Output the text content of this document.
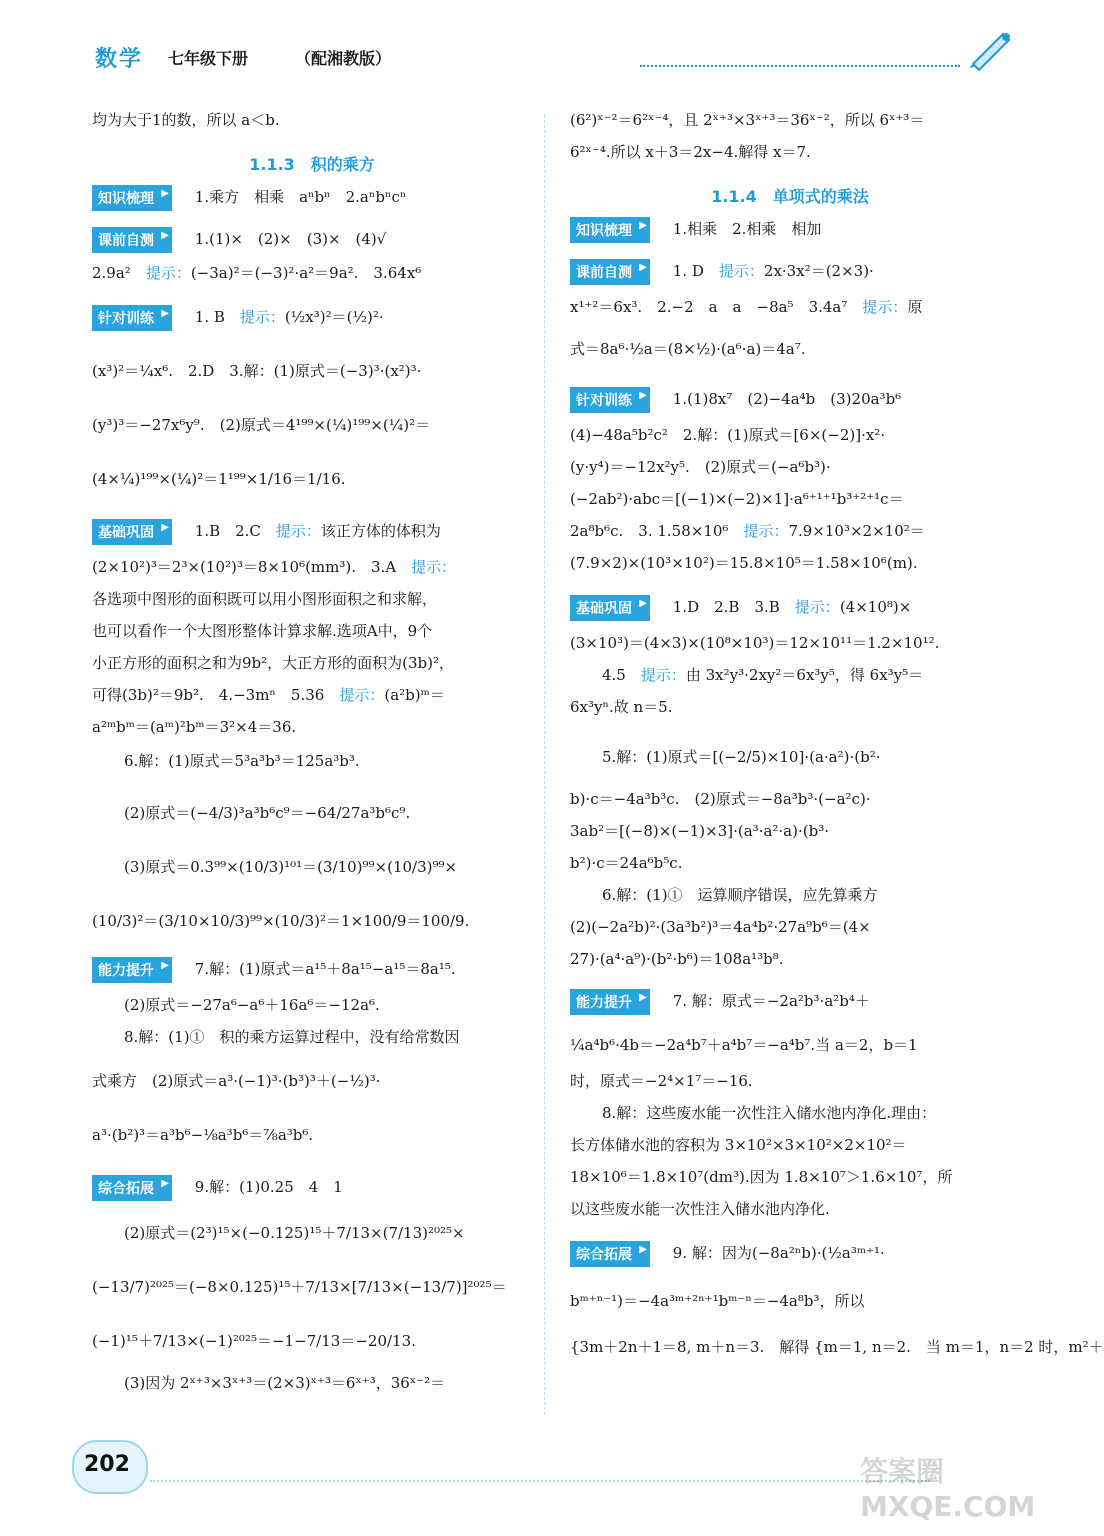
数学 七年级下册	（配湘教版）
均为大于1的数，所以 a＜b.
1.1.3　积的乘方
知识梳理 ▶	1.乘方　相乘　aⁿbⁿ　2.aⁿbⁿcⁿ
课前自测 ▶	1.(1)×　(2)×　(3)×　(4)√
2.9a²　提示：(−3a)²＝(−3)²·a²＝9a².　3.64x⁶
针对训练 ▶	1. B　提示：(½x³)²＝(½)²·
(x³)²＝¼x⁶.　2.D　3.解：(1)原式＝(−3)³·(x²)³·
(y³)³＝−27x⁶y⁹.　(2)原式＝4¹⁹⁹×(¼)¹⁹⁹×(¼)²＝
(4×¼)¹⁹⁹×(¼)²＝1¹⁹⁹×1/16＝1/16.
基础巩固 ▶	1.B　2.C　提示：该正方体的体积为
(2×10²)³＝2³×(10²)³＝8×10⁶(mm³).　3.A　提示：
各选项中图形的面积既可以用小图形面积之和求解，
也可以看作一个大图形整体计算求解.选项A中，9个
小正方形的面积之和为9b²，大正方形的面积为(3b)²，
可得(3b)²＝9b².　4.−3mⁿ　5.36　提示：(a²b)ᵐ＝
a²ᵐbᵐ＝(aᵐ)²bᵐ＝3²×4＝36.
6.解：(1)原式＝5³a³b³＝125a³b³.
(2)原式＝(−4/3)³a³b⁶c⁹＝−64/27a³b⁶c⁹.
(3)原式＝0.3⁹⁹×(10/3)¹⁰¹＝(3/10)⁹⁹×(10/3)⁹⁹×
(10/3)²＝(3/10×10/3)⁹⁹×(10/3)²＝1×100/9＝100/9.
能力提升 ▶	7.解：(1)原式＝a¹⁵＋8a¹⁵−a¹⁵＝8a¹⁵.
(2)原式＝−27a⁶−a⁶＋16a⁶＝−12a⁶.
8.解：(1)①　积的乘方运算过程中，没有给常数因
式乘方　(2)原式＝a³·(−1)³·(b³)³＋(−½)³·
a³·(b²)³＝a³b⁶−⅛a³b⁶＝⅞a³b⁶.
综合拓展 ▶	9.解：(1)0.25　4　1
(2)原式＝(2³)¹⁵×(−0.125)¹⁵＋7/13×(7/13)²⁰²⁵×
(−13/7)²⁰²⁵＝(−8×0.125)¹⁵＋7/13×[7/13×(−13/7)]²⁰²⁵＝
(−1)¹⁵＋7/13×(−1)²⁰²⁵＝−1−7/13＝−20/13.
(3)因为 2ˣ⁺³×3ˣ⁺³＝(2×3)ˣ⁺³＝6ˣ⁺³，36ˣ⁻²＝
(6²)ˣ⁻²＝6²ˣ⁻⁴，且 2ˣ⁺³×3ˣ⁺³＝36ˣ⁻²，所以 6ˣ⁺³＝
6²ˣ⁻⁴.所以 x＋3＝2x−4.解得 x＝7.
1.1.4　单项式的乘法
知识梳理 ▶	1.相乘　2.相乘　相加
课前自测 ▶	1. D　提示：2x·3x²＝(2×3)·
x¹⁺²＝6x³.　2.−2　a　a　−8a⁵　3.4a⁷　提示：原
式＝8a⁶·½a＝(8×½)·(a⁶·a)＝4a⁷.
针对训练 ▶	1.(1)8x⁷　(2)−4a⁴b　(3)20a³b⁶
(4)−48a⁵b²c²　2.解：(1)原式＝[6×(−2)]·x²·
(y·y⁴)＝−12x²y⁵.　(2)原式＝(−a⁶b³)·
(−2ab²)·abc＝[(−1)×(−2)×1]·a⁶⁺¹⁺¹b³⁺²⁺¹c＝
2a⁸b⁶c.　3. 1.58×10⁶　提示：7.9×10³×2×10²＝
(7.9×2)×(10³×10²)＝15.8×10⁵＝1.58×10⁶(m).
基础巩固 ▶	1.D　2.B　3.B　提示：(4×10⁸)×
(3×10³)＝(4×3)×(10⁸×10³)＝12×10¹¹＝1.2×10¹².
4.5　提示：由 3x²y³·2xy²＝6x³y⁵，得 6x³y⁵＝
6x³yⁿ.故 n＝5.
5.解：(1)原式＝[(−2/5)×10]·(a·a²)·(b²·
b)·c＝−4a³b³c.　(2)原式＝−8a³b³·(−a²c)·
3ab²＝[(−8)×(−1)×3]·(a³·a²·a)·(b³·
b²)·c＝24a⁶b⁵c.
6.解：(1)①　运算顺序错误，应先算乘方
(2)(−2a²b)²·(3a³b²)³＝4a⁴b²·27a⁹b⁶＝(4×
27)·(a⁴·a⁹)·(b²·b⁶)＝108a¹³b⁸.
能力提升 ▶	7. 解：原式＝−2a²b³·a²b⁴＋
¼a⁴b⁶·4b＝−2a⁴b⁷＋a⁴b⁷＝−a⁴b⁷.当 a＝2，b＝1
时，原式＝−2⁴×1⁷＝−16.
8.解：这些废水能一次性注入储水池内净化.理由：
长方体储水池的容积为 3×10²×3×10²×2×10²＝
18×10⁶＝1.8×10⁷(dm³).因为 1.8×10⁷＞1.6×10⁷，所
以这些废水能一次性注入储水池内净化.
综合拓展 ▶	9. 解：因为(−8a²ⁿb)·(½a³ᵐ⁺¹·
bᵐ⁺ⁿ⁻¹)＝−4a³ᵐ⁺²ⁿ⁺¹bᵐ⁻ⁿ＝−4a⁸b³，所以
{3m＋2n＋1＝8, m＋n＝3.　解得 {m＝1, n＝2.　当 m＝1，n＝2 时，m²＋
202	答案圈 MXQE.COM
